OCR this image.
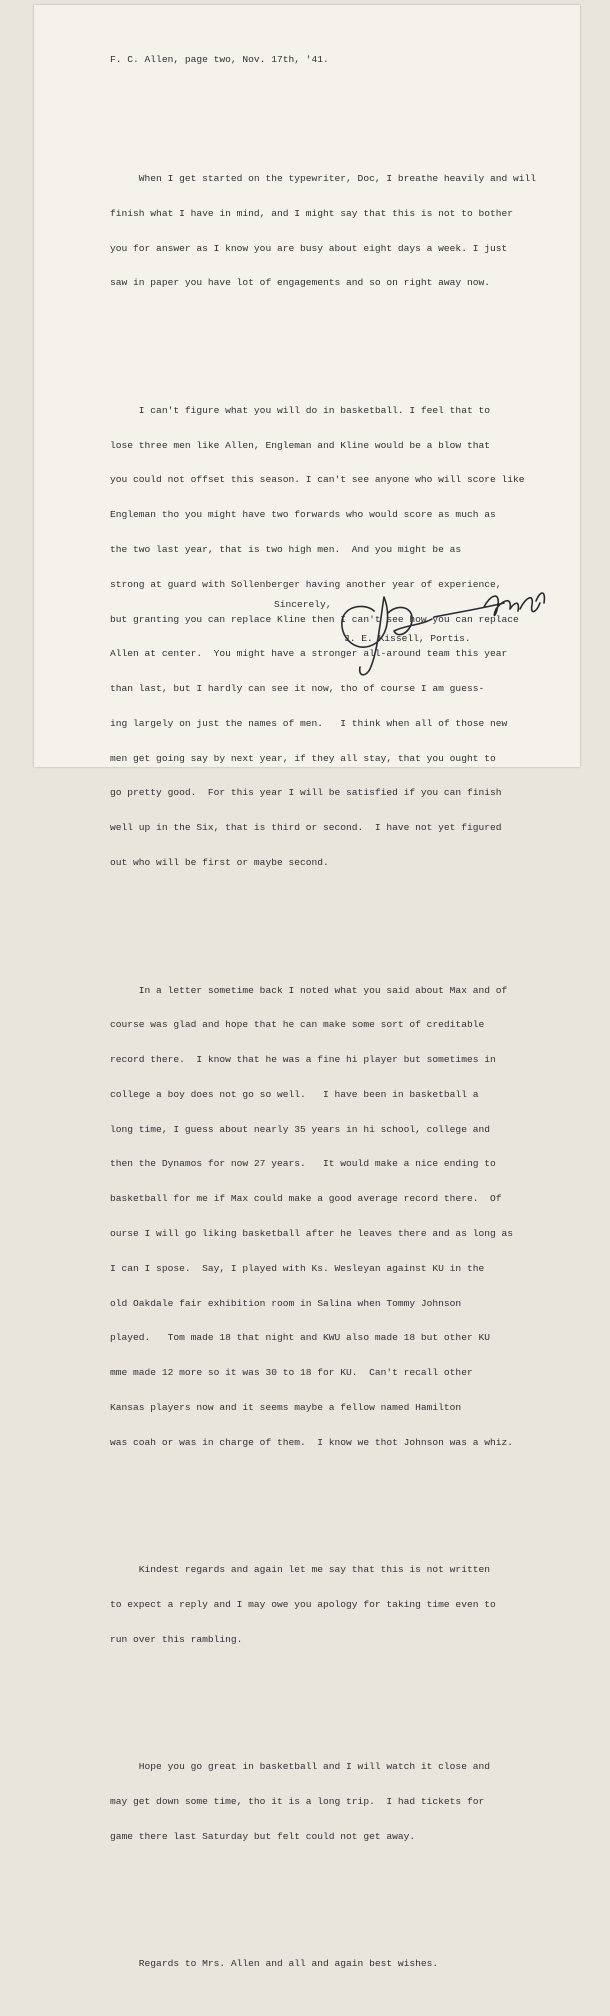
F. C. Allen, page two, Nov. 17th, '41.

When I get started on the typewriter, Doc, I breathe heavily and will

finish what I have in mind, and I might say that this is not to bother

you for answer as I know you are busy about eight days a week. I just

saw in paper you have lot of engagements and so on right away now.

I can't figure what you will do in basketball. I feel that to

lose three men like Allen, Engleman and Kline would be a blow that

you could not offset this season. I can't see anyone who will score like

Engleman tho you might have two forwards who would score as much as

the two last year, that is two high men.  And you might be as

strong at guard with Sollenberger having another year of experience,

but granting you can replace Kline then I can't see how you can replace

Allen at center.  You might have a stronger all-around team this year

than last, but I hardly can see it now, tho of course I am guess-

ing largely on just the names of men.   I think when all of those new

men get going say by next year, if they all stay, that you ought to

go pretty good.  For this year I will be satisfied if you can finish

well up in the Six, that is third or second.  I have not yet figured

out who will be first or maybe second.

In a letter sometime back I noted what you said about Max and of

course was glad and hope that he can make some sort of creditable

record there.  I know that he was a fine hi player but sometimes in

college a boy does not go so well.   I have been in basketball a

long time, I guess about nearly 35 years in hi school, college and

then the Dynamos for now 27 years.   It would make a nice ending to

basketball for me if Max could make a good average record there.  Of

ourse I will go liking basketball after he leaves there and as long as

I can I spose.  Say, I played with Ks. Wesleyan against KU in the

old Oakdale fair exhibition room in Salina when Tommy Johnson

played.   Tom made 18 that night and KWU also made 18 but other KU

mme made 12 more so it was 30 to 18 for KU.  Can't recall other

Kansas players now and it seems maybe a fellow named Hamilton

was coah or was in charge of them.  I know we thot Johnson was a whiz.

Kindest regards and again let me say that this is not written

to expect a reply and I may owe you apology for taking time even to

run over this rambling.

Hope you go great in basketball and I will watch it close and

may get down some time, tho it is a long trip.  I had tickets for

game there last Saturday but felt could not get away.

Regards to Mrs. Allen and all and again best wishes.

Sincerely,
J. E. Kissell, Portis.
